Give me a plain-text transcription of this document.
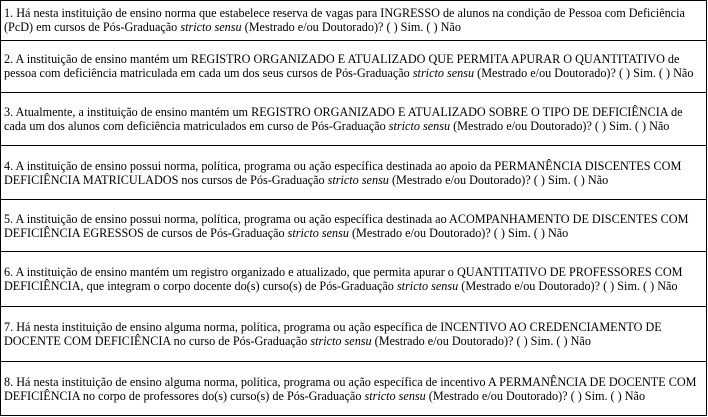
1. Há nesta instituição de ensino norma que estabelece reserva de vagas para INGRESSO de alunos na condição de Pessoa com Deficiência (PcD) em cursos de Pós-Graduação stricto sensu (Mestrado e/ou Doutorado)? ( ) Sim. ( ) Não
2. A instituição de ensino mantém um REGISTRO ORGANIZADO E ATUALIZADO QUE PERMITA APURAR O QUANTITATIVO de pessoa com deficiência matriculada em cada um dos seus cursos de Pós-Graduação stricto sensu (Mestrado e/ou Doutorado)? ( ) Sim. ( ) Não
3. Atualmente, a instituição de ensino mantém um REGISTRO ORGANIZADO E ATUALIZADO SOBRE O TIPO DE DEFICIÊNCIA de cada um dos alunos com deficiência matriculados em curso de Pós-Graduação stricto sensu (Mestrado e/ou Doutorado)? ( ) Sim. ( ) Não
4. A instituição de ensino possui norma, política, programa ou ação específica destinada ao apoio da PERMANÊNCIA DISCENTES COM DEFICIÊNCIA MATRICULADOS nos cursos de Pós-Graduação stricto sensu (Mestrado e/ou Doutorado)? ( ) Sim. ( ) Não
5. A instituição de ensino possui norma, política, programa ou ação específica destinada ao ACOMPANHAMENTO DE DISCENTES COM DEFICIÊNCIA EGRESSOS de cursos de Pós-Graduação stricto sensu (Mestrado e/ou Doutorado)? ( ) Sim. ( ) Não
6. A instituição de ensino mantém um registro organizado e atualizado, que permita apurar o QUANTITATIVO DE PROFESSORES COM DEFICIÊNCIA, que integram o corpo docente do(s) curso(s) de Pós-Graduação stricto sensu (Mestrado e/ou Doutorado)? ( ) Sim. ( ) Não
7. Há nesta instituição de ensino alguma norma, política, programa ou ação específica de INCENTIVO AO CREDENCIAMENTO DE DOCENTE COM DEFICIÊNCIA no curso de Pós-Graduação stricto sensu (Mestrado e/ou Doutorado)? ( ) Sim. ( ) Não
8. Há nesta instituição de ensino alguma norma, política, programa ou ação específica de incentivo A PERMANÊNCIA DE DOCENTE COM DEFICIÊNCIA no corpo de professores do(s) curso(s) de Pós-Graduação stricto sensu (Mestrado e/ou Doutorado)? ( ) Sim. ( ) Não
